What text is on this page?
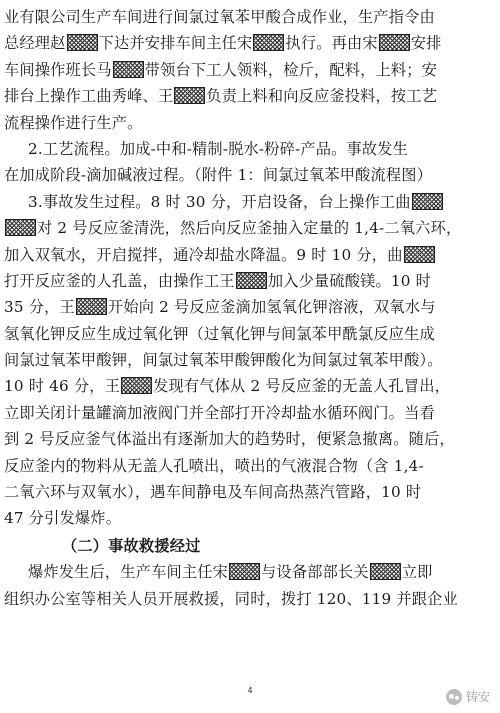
业有限公司生产车间进行间氯过氧苯甲酸合成作业，生产指令由
总经理赵 下达并安排车间主任宋 执行。再由宋 安排
车间操作班长马 带领台下工人领料，检斤，配料，上料；安
排台上操作工曲秀峰、王 负责上料和向反应釜投料，按工艺
流程操作进行生产。
2.工艺流程。加成-中和-精制-脱水-粉碎-产品。事故发生
在加成阶段-滴加碱液过程。（附件 1：间氯过氧苯甲酸流程图）
3.事故发生过程。8 时 30 分，开启设备，台上操作工曲
对 2 号反应釜清洗，然后向反应釜抽入定量的 1,4-二氧六环，
加入双氧水，开启搅拌，通冷却盐水降温。9 时 10 分，曲
打开反应釜的人孔盖，由操作工王 加入少量硫酸镁。10 时
35 分，王 开始向 2 号反应釜滴加氢氧化钾溶液，双氧水与
氢氧化钾反应生成过氧化钾（过氧化钾与间氯苯甲酰氯反应生成
间氯过氧苯甲酸钾，间氯过氧苯甲酸钾酸化为间氯过氧苯甲酸）。
10 时 46 分，王 发现有气体从 2 号反应釜的无盖人孔冒出，
立即关闭计量罐滴加液阀门并全部打开冷却盐水循环阀门。当看
到 2 号反应釜气体溢出有逐渐加大的趋势时，便紧急撤离。随后，
反应釜内的物料从无盖人孔喷出，喷出的气液混合物（含 1,4-
二氧六环与双氧水），遇车间静电及车间高热蒸汽管路，10 时
47 分引发爆炸。
（二）事故救援经过
爆炸发生后，生产车间主任宋 与设备部部长关 立即
组织办公室等相关人员开展救援，同时，拨打 120、119 并跟企业
4	铸安
